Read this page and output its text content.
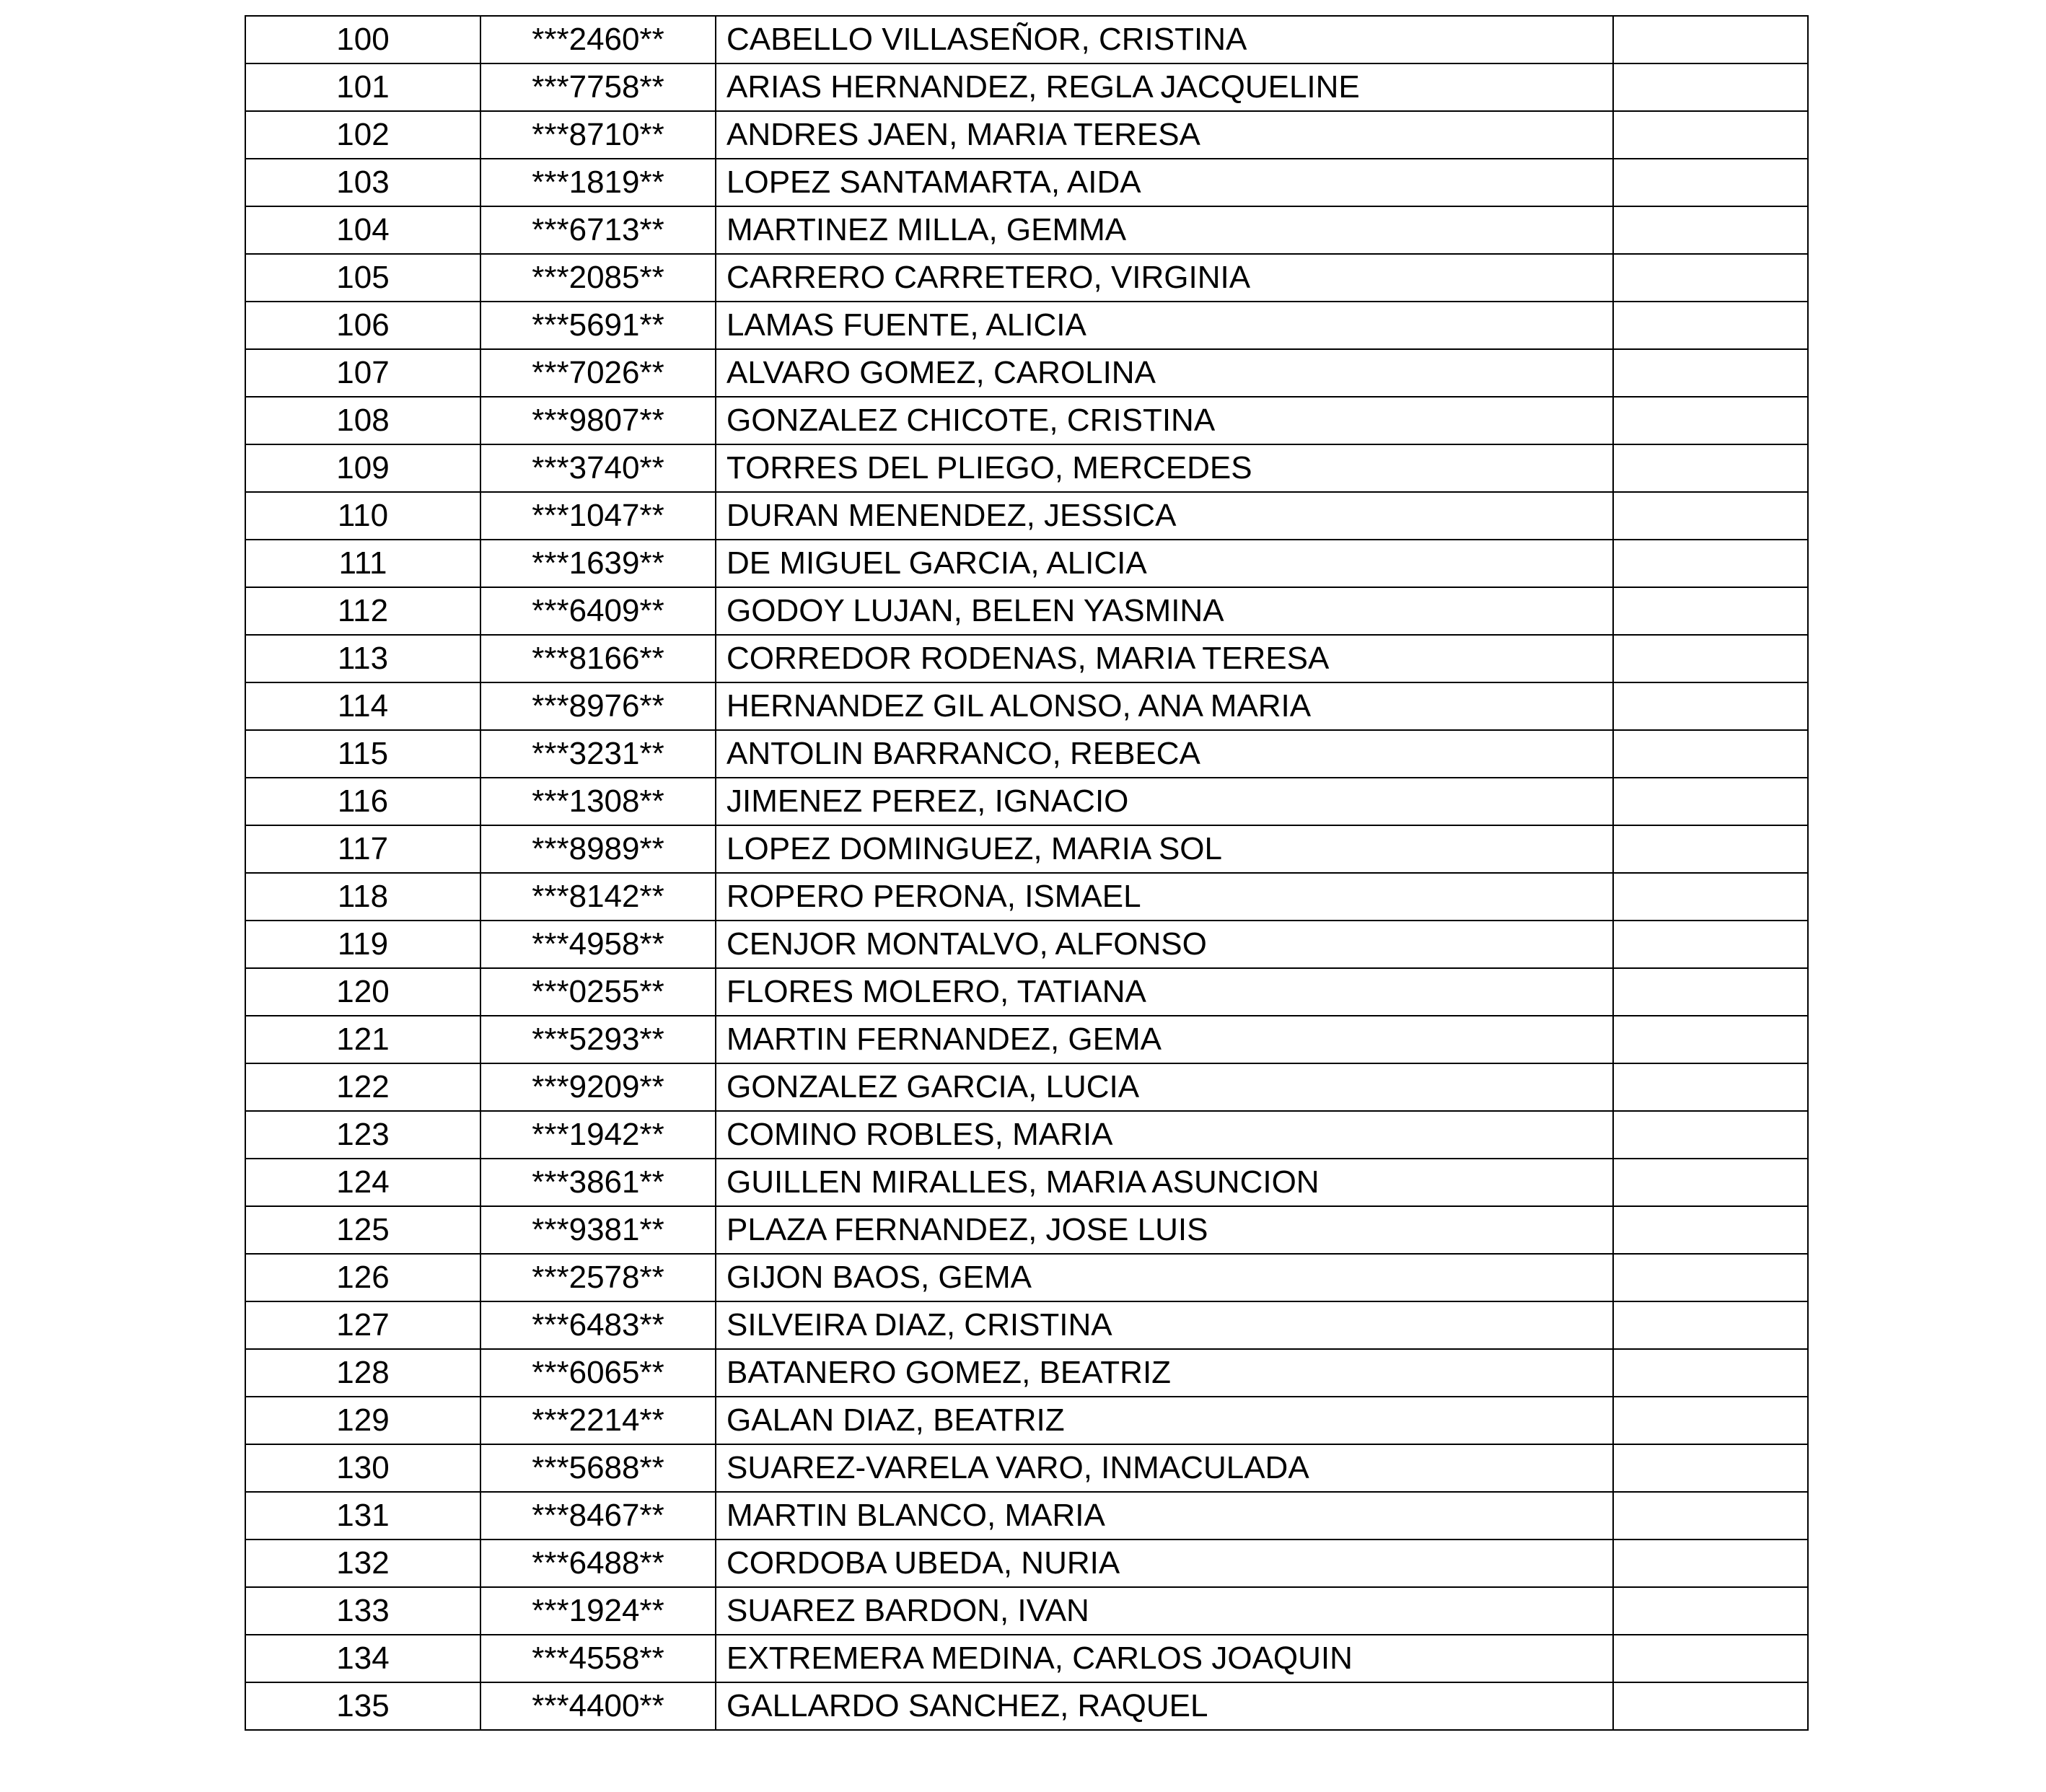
100	***2460**	CABELLO VILLASEÑOR, CRISTINA	
101	***7758**	ARIAS HERNANDEZ, REGLA JACQUELINE	
102	***8710**	ANDRES JAEN, MARIA TERESA	
103	***1819**	LOPEZ SANTAMARTA, AIDA	
104	***6713**	MARTINEZ MILLA, GEMMA	
105	***2085**	CARRERO CARRETERO, VIRGINIA	
106	***5691**	LAMAS FUENTE, ALICIA	
107	***7026**	ALVARO GOMEZ, CAROLINA	
108	***9807**	GONZALEZ CHICOTE, CRISTINA	
109	***3740**	TORRES DEL PLIEGO, MERCEDES	
110	***1047**	DURAN MENENDEZ, JESSICA	
111	***1639**	DE MIGUEL GARCIA, ALICIA	
112	***6409**	GODOY LUJAN, BELEN YASMINA	
113	***8166**	CORREDOR RODENAS, MARIA TERESA	
114	***8976**	HERNANDEZ GIL ALONSO, ANA MARIA	
115	***3231**	ANTOLIN BARRANCO, REBECA	
116	***1308**	JIMENEZ PEREZ, IGNACIO	
117	***8989**	LOPEZ DOMINGUEZ, MARIA SOL	
118	***8142**	ROPERO PERONA, ISMAEL	
119	***4958**	CENJOR MONTALVO, ALFONSO	
120	***0255**	FLORES MOLERO, TATIANA	
121	***5293**	MARTIN FERNANDEZ, GEMA	
122	***9209**	GONZALEZ GARCIA, LUCIA	
123	***1942**	COMINO ROBLES, MARIA	
124	***3861**	GUILLEN MIRALLES, MARIA ASUNCION	
125	***9381**	PLAZA FERNANDEZ, JOSE LUIS	
126	***2578**	GIJON BAOS, GEMA	
127	***6483**	SILVEIRA DIAZ, CRISTINA	
128	***6065**	BATANERO GOMEZ, BEATRIZ	
129	***2214**	GALAN DIAZ, BEATRIZ	
130	***5688**	SUAREZ-VARELA VARO, INMACULADA	
131	***8467**	MARTIN BLANCO, MARIA	
132	***6488**	CORDOBA UBEDA, NURIA	
133	***1924**	SUAREZ BARDON, IVAN	
134	***4558**	EXTREMERA MEDINA, CARLOS JOAQUIN	
135	***4400**	GALLARDO SANCHEZ, RAQUEL	
